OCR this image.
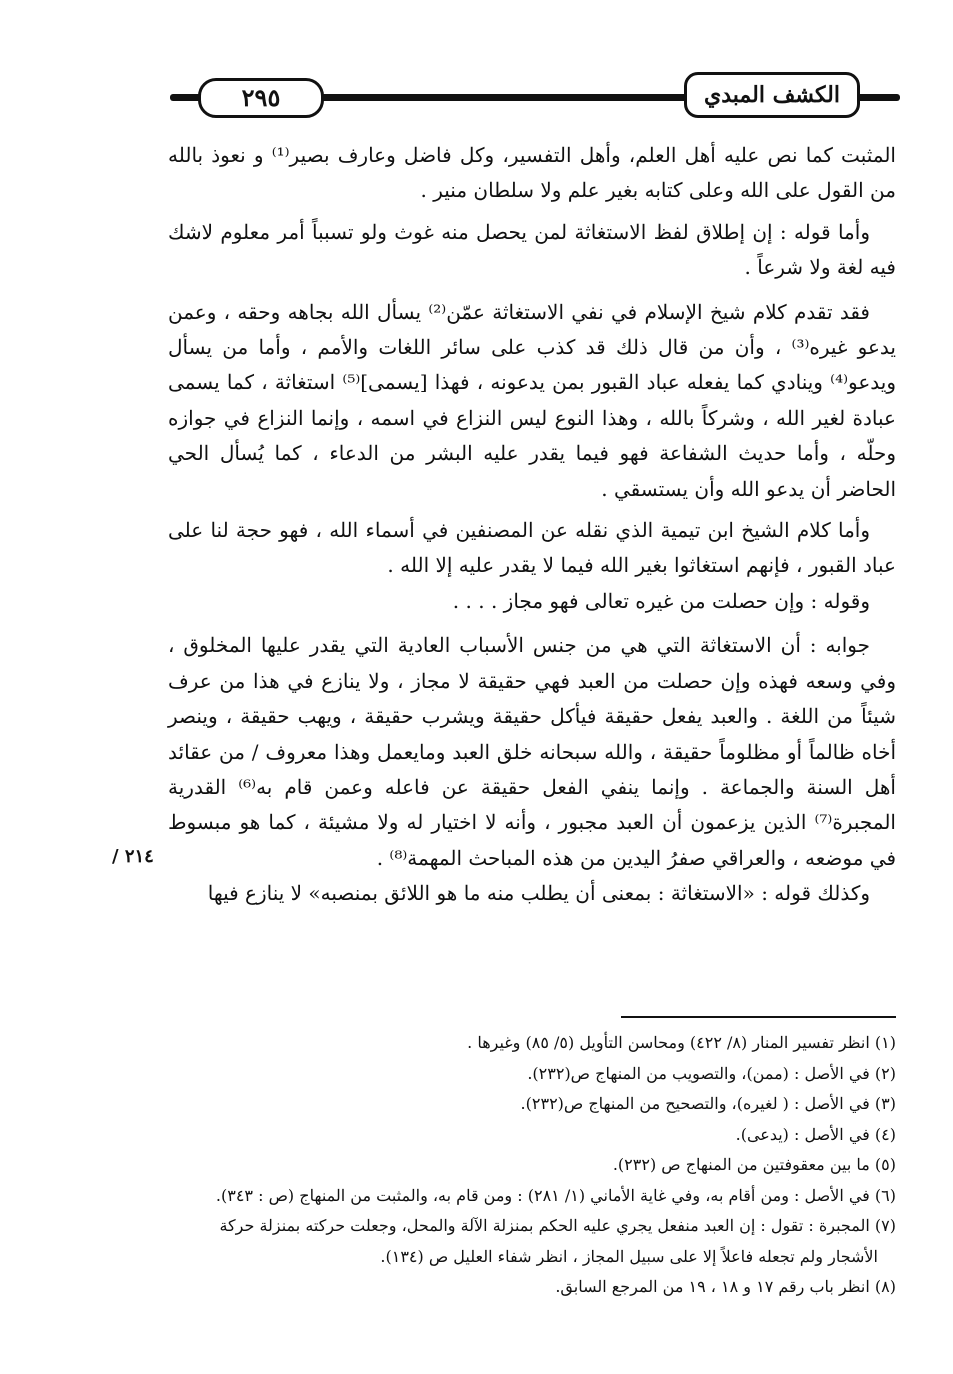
٢٩٥	الكشف المبدي

المثبت كما نص عليه أهل العلم، وأهل التفسير، وكل فاضل وعارف بصير⁽¹⁾ و نعوذ بالله من القول على الله وعلى كتابه بغير علم ولا سلطان منير .

وأما قوله : إن إطلاق لفظ الاستغاثة لمن يحصل منه غوث ولو تسبباً أمر معلوم لاشك فيه لغة ولا شرعاً .

فقد تقدم كلام شيخ الإسلام في نفي الاستغاثة عمّن⁽²⁾ يسأل الله بجاهه وحقه ، وعمن يدعو غيره⁽³⁾ ، وأن من قال ذلك قد كذب على سائر اللغات والأمم ، وأما من يسأل ويدعو⁽⁴⁾ وينادي كما يفعله عباد القبور بمن يدعونه ، فهذا [يسمى]⁽⁵⁾ استغاثة ، كما يسمى عبادة لغير الله ، وشركاً بالله ، وهذا النوع ليس النزاع في اسمه ، وإنما النزاع في جوازه وحلّه ، وأما حديث الشفاعة فهو فيما يقدر عليه البشر من الدعاء ، كما يُسأل الحي الحاضر أن يدعو الله وأن يستسقي .

وأما كلام الشيخ ابن تيمية الذي نقله عن المصنفين في أسماء الله ، فهو حجة لنا على عباد القبور ، فإنهم استغاثوا بغير الله فيما لا يقدر عليه إلا الله .

وقوله : وإن حصلت من غيره تعالى فهو مجاز . . . .

جوابه : أن الاستغاثة التي هي من جنس الأسباب العادية التي يقدر عليها المخلوق ، وفي وسعه فهذه وإن حصلت من العبد فهي حقيقة لا مجاز ، ولا ينازع في هذا من عرف شيئاً من اللغة . والعبد يفعل حقيقة فيأكل حقيقة ويشرب حقيقة ، ويهب حقيقة ، وينصر أخاه ظالماً أو مظلوماً حقيقة ، والله سبحانه خلق العبد ومايعمل وهذا معروف / من عقائد أهل السنة والجماعة . وإنما ينفي الفعل حقيقة عن فاعله وعمن قام به⁽⁶⁾ القدرية المجبرة⁽⁷⁾ الذين يزعمون أن العبد مجبور ، وأنه لا اختيار له ولا مشيئة ، كما هو مبسوط في موضعه ، والعراقي صفرُ اليدين من هذه المباحث المهمة⁽⁸⁾ .

وكذلك قوله : «الاستغاثة : بمعنى أن يطلب منه ما هو اللائق بمنصبه» لا ينازع فيها

٢١٤ /

(١) انظر تفسير المنار (٨/ ٤٢٢) ومحاسن التأويل (٥/ ٨٥) وغيرها .

(٢) في الأصل : (ممن)، والتصويب من المنهاج ص(٢٣٢).

(٣) في الأصل : ( لغيره)، والتصحيح من المنهاج ص(٢٣٢).

(٤) في الأصل : (يدعى).

(٥) ما بين معقوفتين من المنهاج ص (٢٣٢).

(٦) في الأصل : ومن أقام به، وفي غاية الأماني (١/ ٢٨١) : ومن قام به، والمثبت من المنهاج (ص : ٣٤٣).

(٧) المجبرة : تقول : إن العبد منفعل يجري عليه الحكم بمنزلة الآلة والمحل، وجعلت حركته بمنزلة حركة

الأشجار ولم تجعله فاعلاً إلا على سبيل المجاز ، انظر شفاء العليل ص (١٣٤).

(٨) انظر باب رقم ١٧ و ١٨ ، ١٩ من المرجع السابق.
